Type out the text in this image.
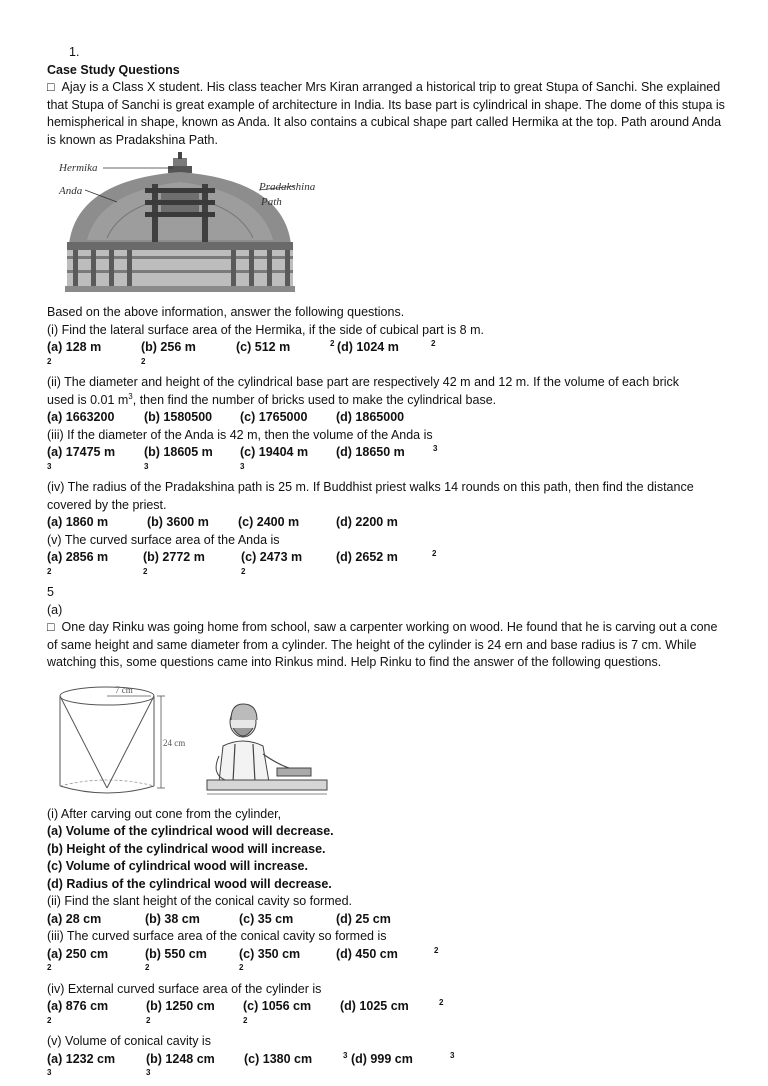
1.
Case Study Questions
□ Ajay is a Class X student. His class teacher Mrs Kiran arranged a historical trip to great Stupa of Sanchi. She explained that Stupa of Sanchi is great example of architecture in India. Its base part is cylindrical in shape. The dome of this stupa is hemispherical in shape, known as Anda. It also contains a cubical shape part called Hermika at the top. Path around Anda is known as Pradakshina Path.
Hermika
Anda	Pradakshina
Path
Based on the above information, answer the following questions.
(i) Find the lateral surface area of the Hermika, if the side of cubical part is 8 m.
(a) 128 $m^2$
(b) 256 $m^2$
(c) 512 m	$^2$ (d) 1024 m	$^2$
(ii) The diameter and height of the cylindrical base part are respectively 42 m and 12 m. If the volume of each brick
used is 0.01 $m^3$, then find the number of bricks used to make the cylindrical base.
(a) 1663200	(b) 1580500	(c) 1765000	(d) 1865000
(iii) If the diameter of the Anda is 42 m, then the volume of the Anda is
(a) 17475 $m^3$
(b) 18605 $m^3$
(c) 19404 $m^3$
(d) 18650 m	$^3$
(iv) The radius of the Pradakshina path is 25 m. If Buddhist priest walks 14 rounds on this path, then find the distance covered by the priest.
(a) 1860 m	(b) 3600 m	(c) 2400 m	(d) 2200 m
(v) The curved surface area of the Anda is
(a) 2856 $m^2$
(b) 2772 $m^2$
(c) 2473 $m^2$
(d) 2652 m	$^2$
5
(a)
□ One day Rinku was going home from school, saw a carpenter working on wood. He found that he is carving out a cone of same height and same diameter from a cylinder. The height of the cylinder is 24 ern and base radius is 7 cm. While watching this, some questions came into Rinkus mind. Help Rinku to find the answer of the following questions.
7 cm
24 cm
(i) After carving out cone from the cylinder,
(a) Volume of the cylindrical wood will decrease.
(b) Height of the cylindrical wood will increase.
(c) Volume of cylindrical wood will increase.
(d) Radius of the cylindrical wood will decrease.
(ii) Find the slant height of the conical cavity so formed.
(a) 28 cm	(b) 38 cm	(c) 35 cm	(d) 25 cm
(iii) The curved surface area of the conical cavity so formed is
(a) 250 $cm^2$
(b) 550 $cm^2$
(c) 350 $cm^2$
(d) 450 cm	$^2$
(iv) External curved surface area of the cylinder is
(a) 876 $cm^2$
(b) 1250 $cm^2$
(c) 1056 $cm^2$
(d) 1025 cm	$^2$
(v) Volume of conical cavity is
(a) 1232 $cm^3$
(b) 1248 $cm^3$
(c) 1380 cm	$^3$ (d) 999 cm	$^3$
